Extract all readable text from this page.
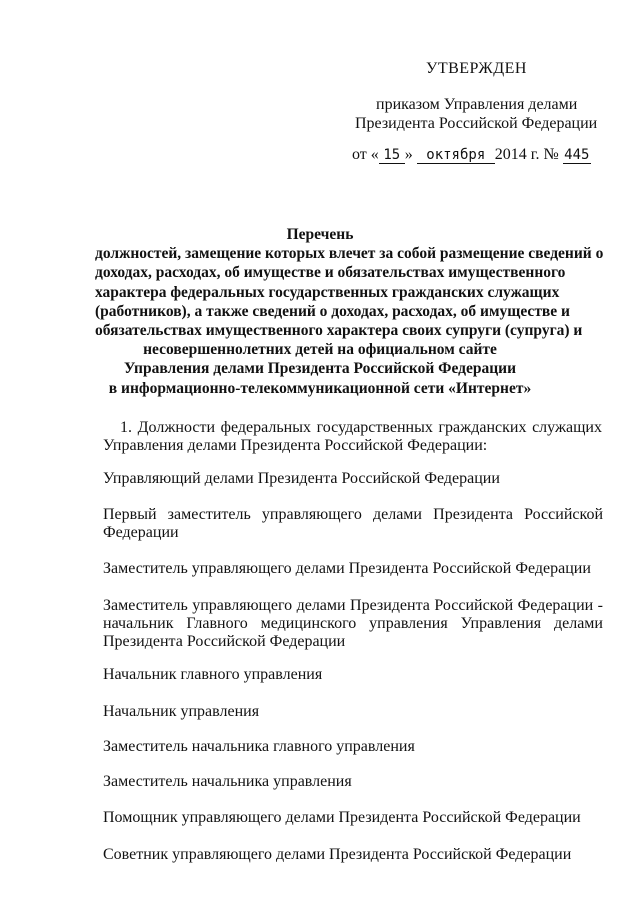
УТВЕРЖДЕН
приказом Управления делами
Президента Российской Федерации
от « 15 » октября 2014 г. № 445
Перечень
должностей, замещение которых влечет за собой размещение сведений о
доходах, расходах, об имуществе и обязательствах имущественного
характера федеральных государственных гражданских служащих
(работников), а также сведений о доходах, расходах, об имуществе и
обязательствах имущественного характера своих супруги (супруга) и
несовершеннолетних детей на официальном сайте
Управления делами Президента Российской Федерации
в информационно-телекоммуникационной сети «Интернет»
1. Должности федеральных государственных гражданских служащих
Управления делами Президента Российской Федерации:
Управляющий делами Президента Российской Федерации
Первый заместитель управляющего делами Президента Российской
Федерации
Заместитель управляющего делами Президента Российской Федерации
Заместитель управляющего делами Президента Российской Федерации -
начальник Главного медицинского управления Управления делами
Президента Российской Федерации
Начальник главного управления
Начальник управления
Заместитель начальника главного управления
Заместитель начальника управления
Помощник управляющего делами Президента Российской Федерации
Советник управляющего делами Президента Российской Федерации
